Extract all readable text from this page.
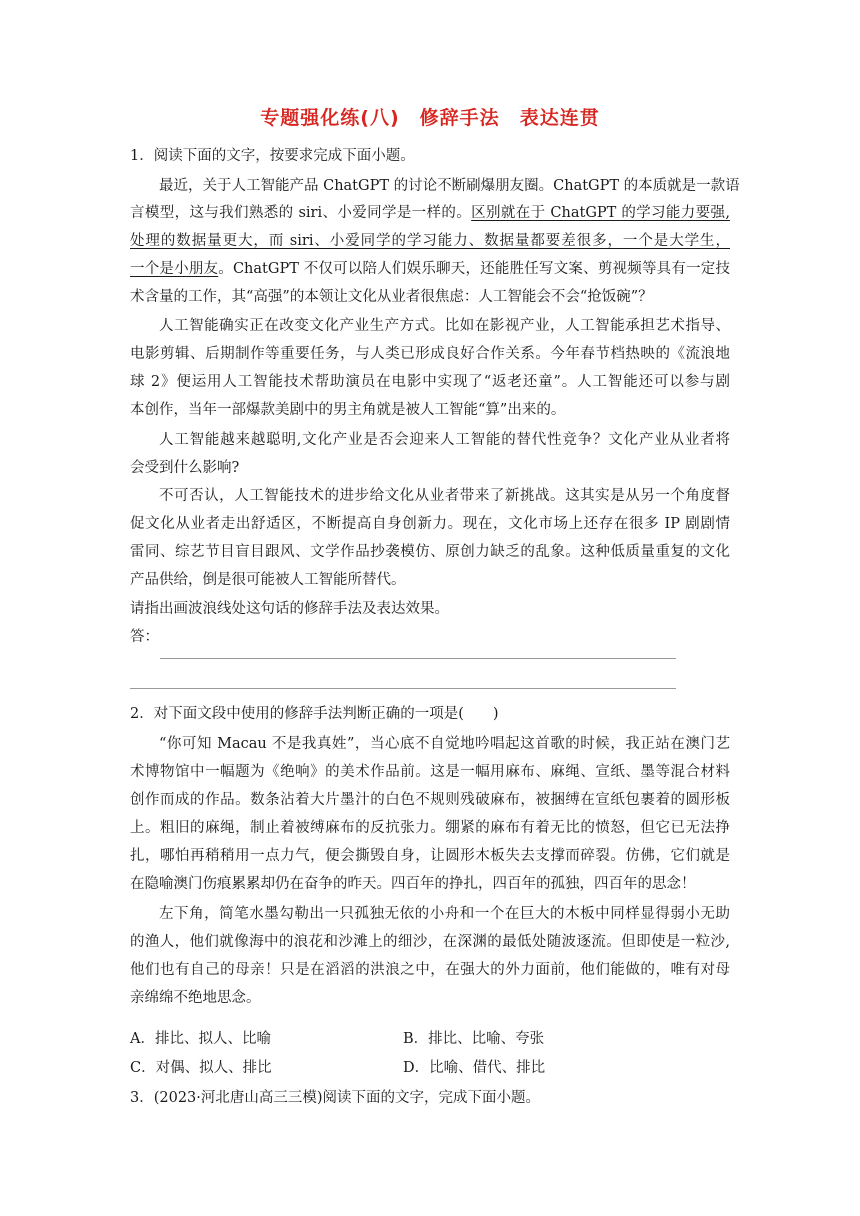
专题强化练(八) 修辞手法 表达连贯
1．阅读下面的文字，按要求完成下面小题。
最近，关于人工智能产品 ChatGPT 的讨论不断刷爆朋友圈。ChatGPT 的本质就是一款语
言模型，这与我们熟悉的 siri、小爱同学是一样的。区别就在于 ChatGPT 的学习能力要强,
处理的数据量更大，而 siri、小爱同学的学习能力、数据量都要差很多，一个是大学生，
一个是小朋友。ChatGPT 不仅可以陪人们娱乐聊天，还能胜任写文案、剪视频等具有一定技
术含量的工作，其“高强”的本领让文化从业者很焦虑：人工智能会不会“抢饭碗”？
人工智能确实正在改变文化产业生产方式。比如在影视产业，人工智能承担艺术指导、
电影剪辑、后期制作等重要任务，与人类已形成良好合作关系。今年春节档热映的《流浪地
球 2》便运用人工智能技术帮助演员在电影中实现了“返老还童”。人工智能还可以参与剧
本创作，当年一部爆款美剧中的男主角就是被人工智能“算”出来的。
人工智能越来越聪明,文化产业是否会迎来人工智能的替代性竞争？文化产业从业者将
会受到什么影响?
不可否认，人工智能技术的进步给文化从业者带来了新挑战。这其实是从另一个角度督
促文化从业者走出舒适区，不断提高自身创新力。现在，文化市场上还存在很多 IP 剧剧情
雷同、综艺节目盲目跟风、文学作品抄袭模仿、原创力缺乏的乱象。这种低质量重复的文化
产品供给，倒是很可能被人工智能所替代。
请指出画波浪线处这句话的修辞手法及表达效果。
答：
2．对下面文段中使用的修辞手法判断正确的一项是(　　)
“你可知 Macau 不是我真姓”，当心底不自觉地吟唱起这首歌的时候，我正站在澳门艺
术博物馆中一幅题为《绝响》的美术作品前。这是一幅用麻布、麻绳、宣纸、墨等混合材料
创作而成的作品。数条沾着大片墨汁的白色不规则残破麻布，被捆缚在宣纸包裹着的圆形板
上。粗旧的麻绳，制止着被缚麻布的反抗张力。绷紧的麻布有着无比的愤怒，但它已无法挣
扎，哪怕再稍稍用一点力气，便会撕毁自身，让圆形木板失去支撑而碎裂。仿佛，它们就是
在隐喻澳门伤痕累累却仍在奋争的昨天。四百年的挣扎，四百年的孤独，四百年的思念！
左下角，简笔水墨勾勒出一只孤独无依的小舟和一个在巨大的木板中同样显得弱小无助
的渔人，他们就像海中的浪花和沙滩上的细沙，在深渊的最低处随波逐流。但即使是一粒沙,
他们也有自己的母亲！只是在滔滔的洪浪之中，在强大的外力面前，他们能做的，唯有对母
亲绵绵不绝地思念。
A．排比、拟人、比喻	B．排比、比喻、夸张
C．对偶、拟人、排比	D．比喻、借代、排比
3．(2023·河北唐山高三三模)阅读下面的文字，完成下面小题。
